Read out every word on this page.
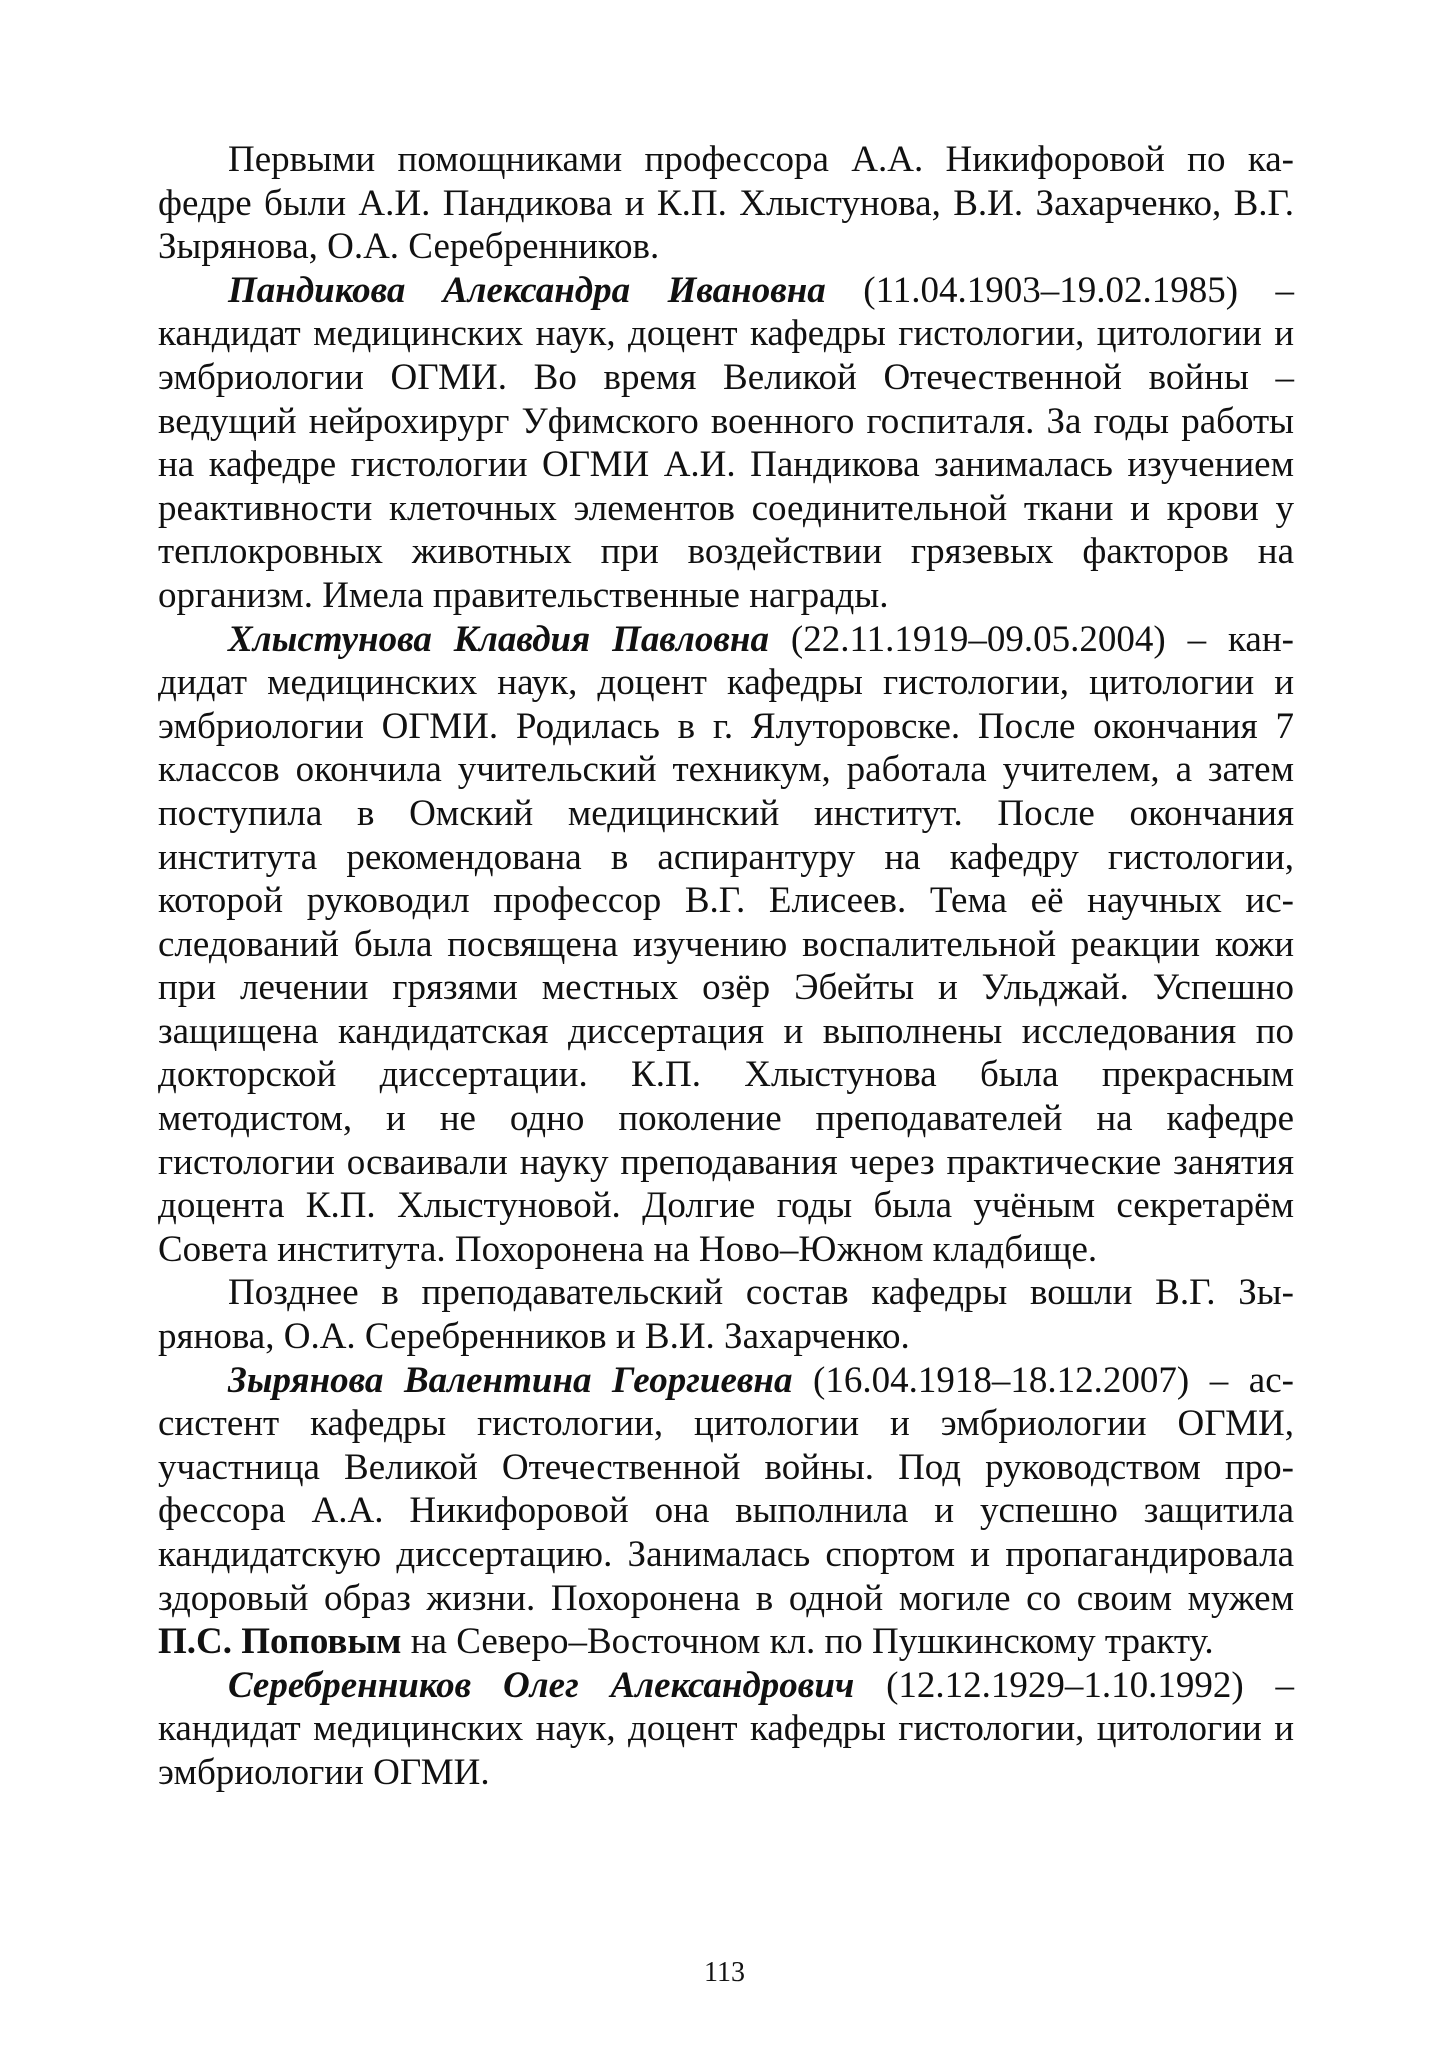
Первыми помощниками профессора А.А. Никифоровой по кафедре были А.И. Пандикова и К.П. Хлыстунова, В.И. Захарченко, В.Г. Зырянова, О.А. Серебренников.

Пандикова Александра Ивановна (11.04.1903–19.02.1985) – кандидат медицинских наук, доцент кафедры гистологии, цитологии и эмбриологии ОГМИ. Во время Великой Отечественной войны – ведущий нейрохирург Уфимского военного госпиталя. За годы работы на кафедре гистологии ОГМИ А.И. Пандикова занималась изучением реактивности клеточных элементов соединительной ткани и крови у теплокровных животных при воздействии грязевых факторов на организм. Имела правительственные награды.

Хлыстунова Клавдия Павловна (22.11.1919–09.05.2004) – кандидат медицинских наук, доцент кафедры гистологии, цитологии и эмбриологии ОГМИ. Родилась в г. Ялуторовске. После окончания 7 классов окончила учительский техникум, работала учителем, а затем поступила в Омский медицинский институт. После окончания института рекомендована в аспирантуру на кафедру гистологии, которой руководил профессор В.Г. Елисеев. Тема её научных исследований была посвящена изучению воспалительной реакции кожи при лечении грязями местных озёр Эбейты и Ульджай. Успешно защищена кандидатская диссертация и выполнены исследования по докторской диссертации. К.П. Хлыстунова была прекрасным методистом, и не одно поколение преподавателей на кафедре гистологии осваивали науку преподавания через практические занятия доцента К.П. Хлыстуновой. Долгие годы была учёным секретарём Совета института. Похоронена на Ново–Южном кладбище.

Позднее в преподавательский состав кафедры вошли В.Г. Зырянова, О.А. Серебренников и В.И. Захарченко.

Зырянова Валентина Георгиевна (16.04.1918–18.12.2007) – ассистент кафедры гистологии, цитологии и эмбриологии ОГМИ, участница Великой Отечественной войны. Под руководством профессора А.А. Никифоровой она выполнила и успешно защитила кандидатскую диссертацию. Занималась спортом и пропагандировала здоровый образ жизни. Похоронена в одной могиле со своим мужем П.С. Поповым на Северо–Восточном кл. по Пушкинскому тракту.

Серебренников Олег Александрович (12.12.1929–1.10.1992) – кандидат медицинских наук, доцент кафедры гистологии, цитологии и эмбриологии ОГМИ.

113
